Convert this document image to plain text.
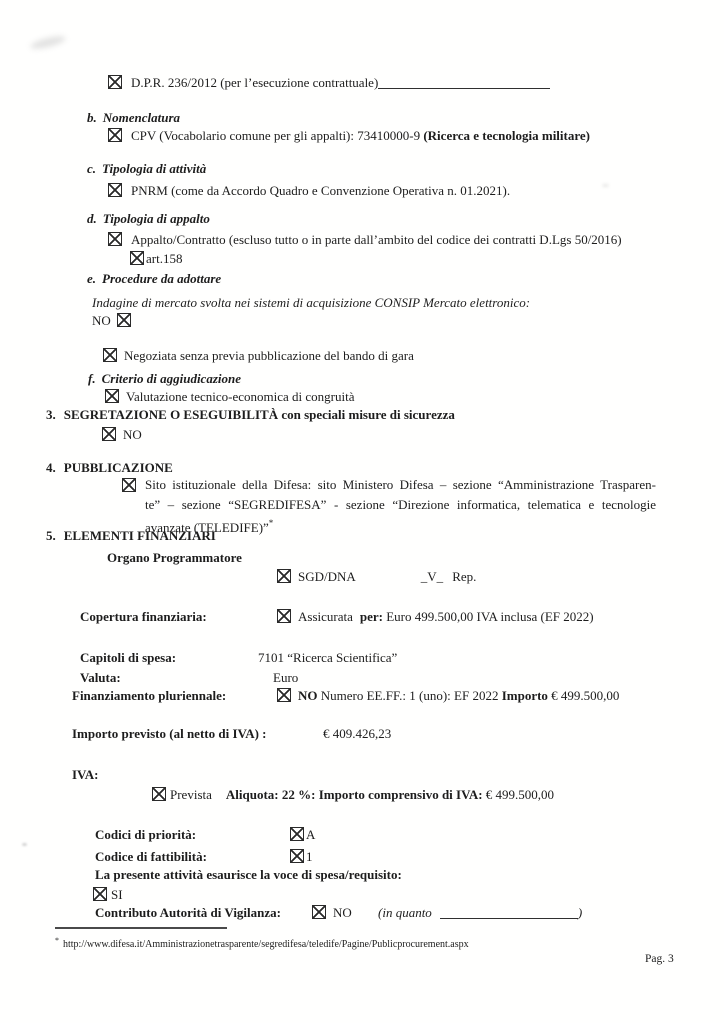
D.P.R. 236/2012 (per l’esecuzione contrattuale)
b. Nomenclatura
CPV (Vocabolario comune per gli appalti): 73410000-9 (Ricerca e tecnologia militare)
c. Tipologia di attività
PNRM (come da Accordo Quadro e Convenzione Operativa n. 01.2021).
d. Tipologia di appalto
Appalto/Contratto (escluso tutto o in parte dall’ambito del codice dei contratti D.Lgs 50/2016)
art.158
e. Procedure da adottare
Indagine di mercato svolta nei sistemi di acquisizione CONSIP Mercato elettronico:
NO
Negoziata senza previa pubblicazione del bando di gara
f. Criterio di aggiudicazione
Valutazione tecnico-economica di congruità
3. SEGRETAZIONE O ESEGUIBILITÀ con speciali misure di sicurezza
NO
4. PUBBLICAZIONE
Sito istituzionale della Difesa: sito Ministero Difesa – sezione “Amministrazione Trasparen-
te” – sezione “SEGREDIFESA” - sezione “Direzione informatica, telematica e tecnologie
avanzate (TELEDIFE)”*
5. ELEMENTI FINANZIARI
Organo Programmatore
SGD/DNA	_V_ Rep.
Copertura finanziaria:	Assicurata per: Euro 499.500,00 IVA inclusa (EF 2022)
Capitoli di spesa:	7101 “Ricerca Scientifica”
Valuta:	Euro
Finanziamento pluriennale:	NO Numero EE.FF.: 1 (uno): EF 2022 Importo € 499.500,00
Importo previsto (al netto di IVA) :	€ 409.426,23
IVA:
Prevista Aliquota: 22 %: Importo comprensivo di IVA: € 499.500,00
Codici di priorità:	A
Codice di fattibilità:	1
La presente attività esaurisce la voce di spesa/requisito:
SI
Contributo Autorità di Vigilanza:	NO (in quanto	)
* http://www.difesa.it/Amministrazionetrasparente/segredifesa/teledife/Pagine/Publicprocurement.aspx
Pag. 3
